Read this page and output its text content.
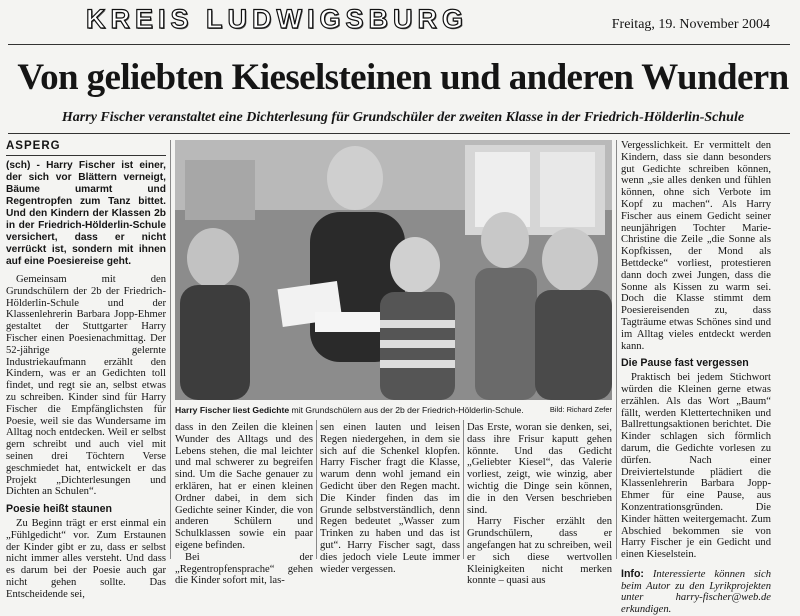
KREIS LUDWIGSBURG	Freitag, 19. November 2004
Von geliebten Kieselsteinen und anderen Wundern
Harry Fischer veranstaltet eine Dichterlesung für Grundschüler der zweiten Klasse in der Friedrich-Hölderlin-Schule
ASPERG

(sch) - Harry Fischer ist einer, der sich vor Blättern verneigt, Bäume umarmt und Regentropfen zum Tanz bittet. Und den Kindern der Klassen 2b in der Friedrich-Hölderlin-Schule versichert, dass er nicht verrückt ist, sondern mit ihnen auf eine Poesiereise geht.

Gemeinsam mit den Grundschülern der 2b der Friedrich-Hölderlin-Schule und der Klassenlehrerin Barbara Jopp-Ehmer gestaltet der Stuttgarter Harry Fischer einen Poesienachmittag. Der 52-jährige gelernte Industriekaufmann erzählt den Kindern, was er an Gedichten toll findet, und regt sie an, selbst etwas zu schreiben. Kinder sind für Harry Fischer die Empfänglichsten für Poesie, weil sie das Wundersame im Alltag noch entdecken. Weil er selbst gern schreibt und auch viel mit seinen drei Töchtern Verse geschmiedet hat, entwickelt er das Projekt „Dichterlesungen und Dichten an Schulen“.

Poesie heißt staunen

Zu Beginn trägt er erst einmal ein „Fühlgedicht“ vor. Zum Erstaunen der Kinder gibt er zu, dass er selbst nicht immer alles versteht. Und dass es darum bei der Poesie auch gar nicht gehen sollte. Das Entscheidende sei,

Harry Fischer liest Gedichte mit Grundschülern aus der 2b der Friedrich-Hölderlin-Schule.	Bild: Richard Zefer

dass in den Zeilen die kleinen Wunder des Alltags und des Lebens stehen, die mal leichter und mal schwerer zu begreifen sind. Um die Sache genauer zu erklären, hat er einen kleinen Ordner dabei, in dem sich Gedichte seiner Kinder, die von anderen Schülern und Schulklassen sowie ein paar eigene befinden.

Bei der „Regentropfensprache“ gehen die Kinder sofort mit, las-

sen einen lauten und leisen Regen niedergehen, in dem sie sich auf die Schenkel klopfen. Harry Fischer fragt die Klasse, warum denn wohl jemand ein Gedicht über den Regen macht. Die Kinder finden das im Grunde selbstverständlich, denn Regen bedeutet „Wasser zum Trinken zu haben und das ist gut“. Harry Fischer sagt, dass dies jedoch viele Leute immer wieder vergessen.

Das Erste, woran sie denken, sei, dass ihre Frisur kaputt gehen könnte. Und das Gedicht „Geliebter Kiesel“, das Valerie vorliest, zeigt, wie winzig, aber wichtig die Dinge sein können, die in den Versen beschrieben sind.

Harry Fischer erzählt den Grundschülern, dass er angefangen hat zu schreiben, weil er sich diese wertvollen Kleinigkeiten nicht merken konnte – quasi aus

Vergesslichkeit. Er vermittelt den Kindern, dass sie dann besonders gut Gedichte schreiben können, wenn „sie alles denken und fühlen können, ohne sich Verbote im Kopf zu machen“. Als Harry Fischer aus einem Gedicht seiner neunjährigen Tochter Marie-Christine die Zeile „die Sonne als Kopfkissen, der Mond als Bettdecke“ vorliest, protestieren dann doch zwei Jungen, dass die Sonne als Kissen zu warm sei. Doch die Klasse stimmt dem Poesiereisenden zu, dass Tagträume etwas Schönes sind und im Alltag vieles entdeckt werden kann.

Die Pause fast vergessen

Praktisch bei jedem Stichwort würden die Kleinen gerne etwas erzählen. Als das Wort „Baum“ fällt, werden Klettertechniken und Ballrettungsaktionen berichtet. Die Kinder schlagen sich förmlich darum, die Gedichte vorlesen zu dürfen. Nach einer Dreiviertelstunde plädiert die Klassenlehrerin Barbara Jopp-Ehmer für eine Pause, aus Konzentrationsgründen. Die Kinder hätten weitergemacht. Zum Abschied bekommen sie von Harry Fischer je ein Gedicht und einen Kieselstein.

Info: Interessierte können sich beim Autor zu den Lyrikprojekten unter harry-fischer@web.de erkundigen.
